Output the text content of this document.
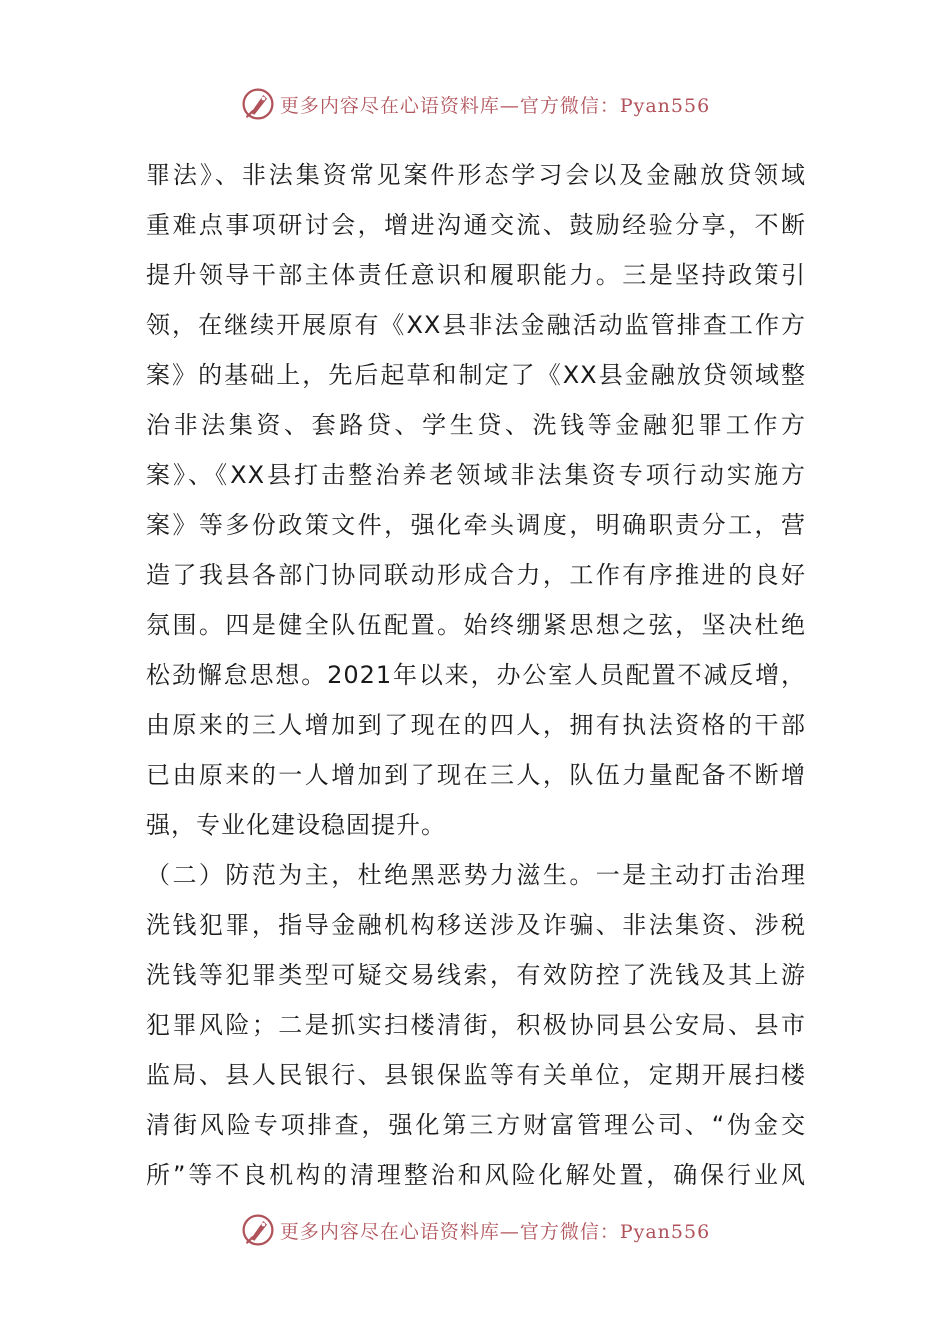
更多内容尽在心语资料库—官方微信：Pyan556
罪法》、非法集资常见案件形态学习会以及金融放贷领域
重难点事项研讨会，增进沟通交流、鼓励经验分享，不断
提升领导干部主体责任意识和履职能力。三是坚持政策引
领，在继续开展原有《XX县非法金融活动监管排查工作方
案》的基础上，先后起草和制定了《XX县金融放贷领域整
治非法集资、套路贷、学生贷、洗钱等金融犯罪工作方
案》、《XX县打击整治养老领域非法集资专项行动实施方
案》等多份政策文件，强化牵头调度，明确职责分工，营
造了我县各部门协同联动形成合力，工作有序推进的良好
氛围。四是健全队伍配置。始终绷紧思想之弦，坚决杜绝
松劲懈怠思想。2021年以来，办公室人员配置不减反增，
由原来的三人增加到了现在的四人，拥有执法资格的干部
已由原来的一人增加到了现在三人，队伍力量配备不断增
强，专业化建设稳固提升。
（二）防范为主，杜绝黑恶势力滋生。一是主动打击治理
洗钱犯罪，指导金融机构移送涉及诈骗、非法集资、涉税
洗钱等犯罪类型可疑交易线索，有效防控了洗钱及其上游
犯罪风险；二是抓实扫楼清街，积极协同县公安局、县市
监局、县人民银行、县银保监等有关单位，定期开展扫楼
清街风险专项排查，强化第三方财富管理公司、“伪金交
所”等不良机构的清理整治和风险化解处置，确保行业风
更多内容尽在心语资料库—官方微信：Pyan556
